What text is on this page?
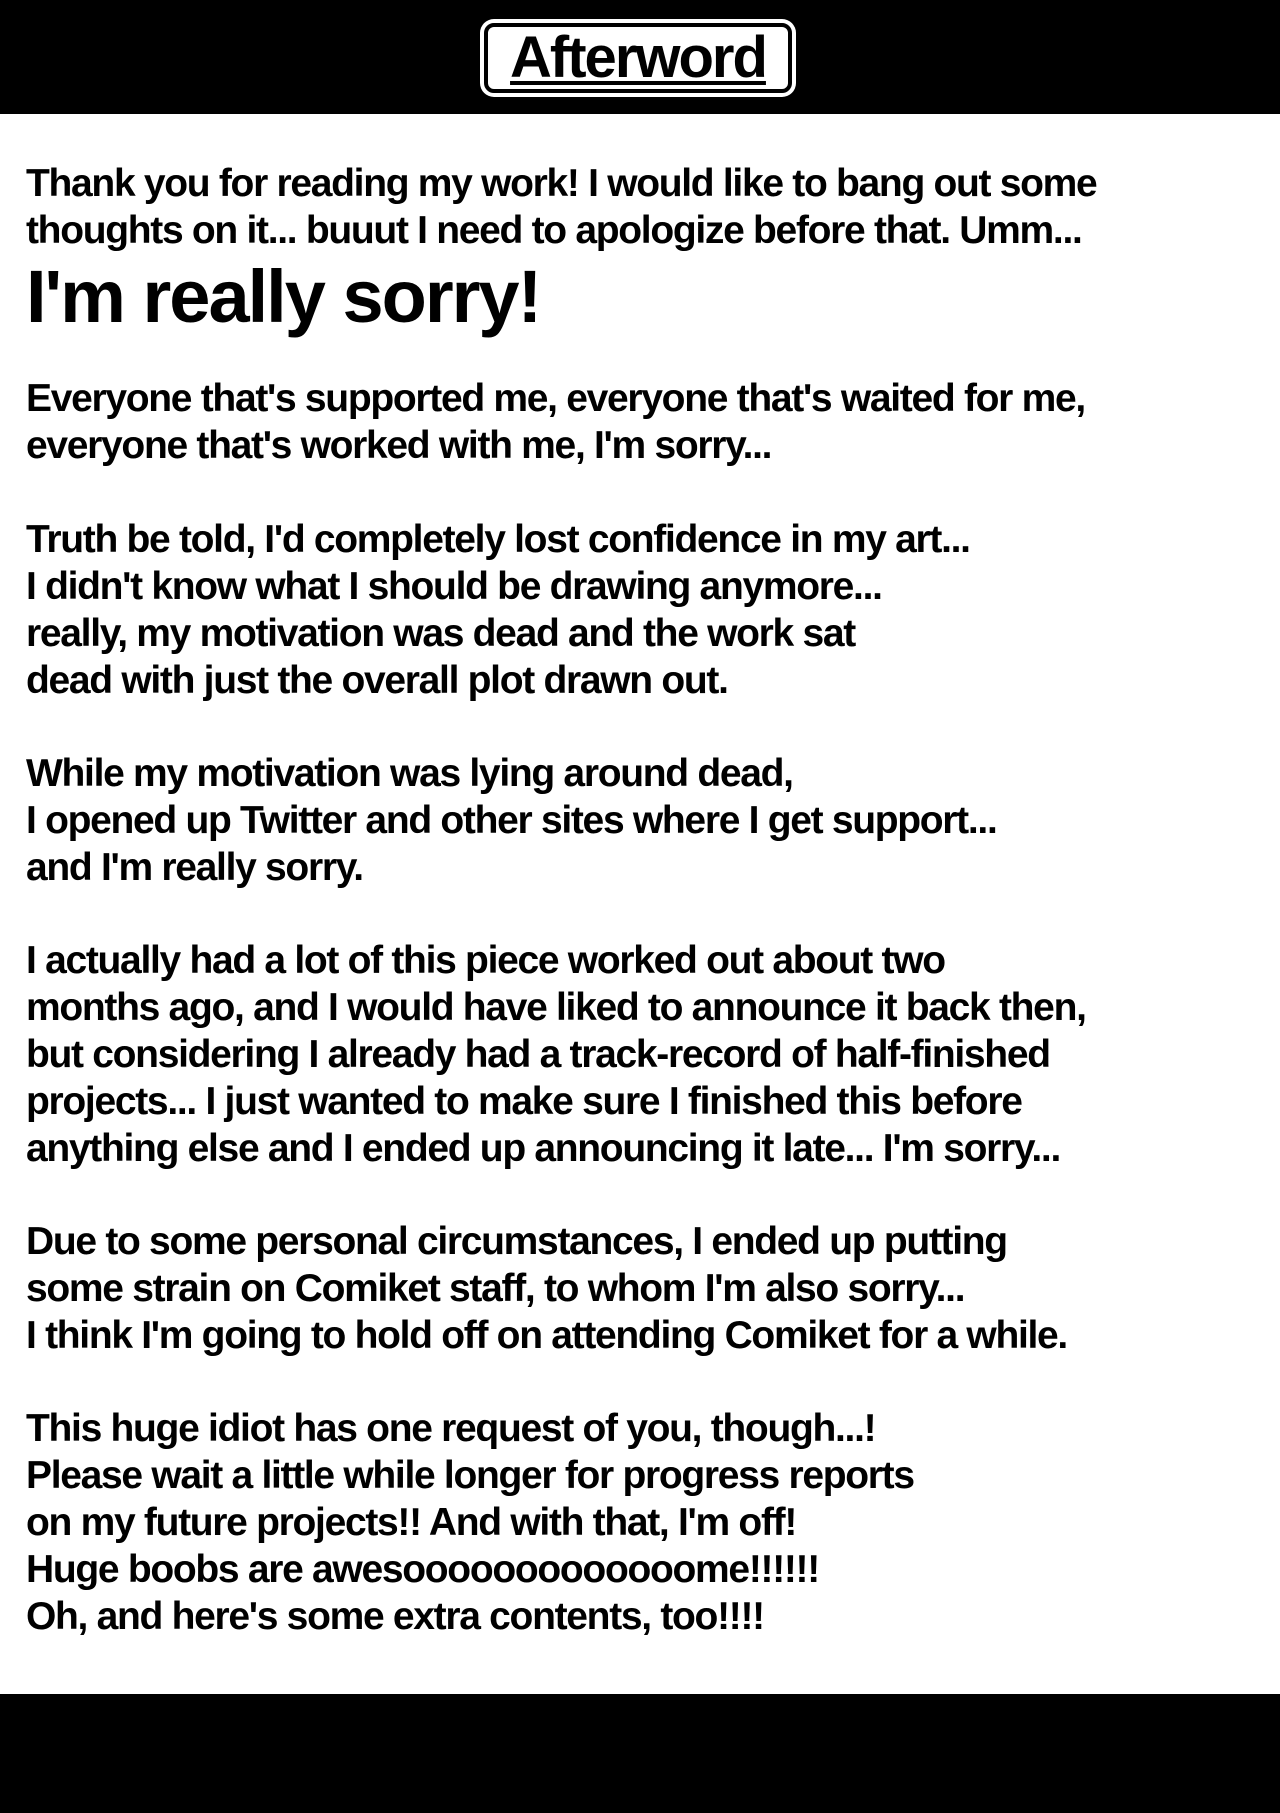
Afterword

Thank you for reading my work! I would like to bang out some
thoughts on it... buuut I need to apologize before that. Umm...

I'm really sorry!

Everyone that's supported me, everyone that's waited for me,
everyone that's worked with me, I'm sorry...

Truth be told, I'd completely lost confidence in my art...
I didn't know what I should be drawing anymore...
really, my motivation was dead and the work sat
dead with just the overall plot drawn out.

While my motivation was lying around dead,
I opened up Twitter and other sites where I get support...
and I'm really sorry.

I actually had a lot of this piece worked out about two
months ago, and I would have liked to announce it back then,
but considering I already had a track-record of half-finished
projects... I just wanted to make sure I finished this before
anything else and I ended up announcing it late... I'm sorry...

Due to some personal circumstances, I ended up putting
some strain on Comiket staff, to whom I'm also sorry...
I think I'm going to hold off on attending Comiket for a while.

This huge idiot has one request of you, though...!
Please wait a little while longer for progress reports
on my future projects!! And with that, I'm off!
Huge boobs are awesooooooooooooome!!!!!!
Oh, and here's some extra contents, too!!!!
